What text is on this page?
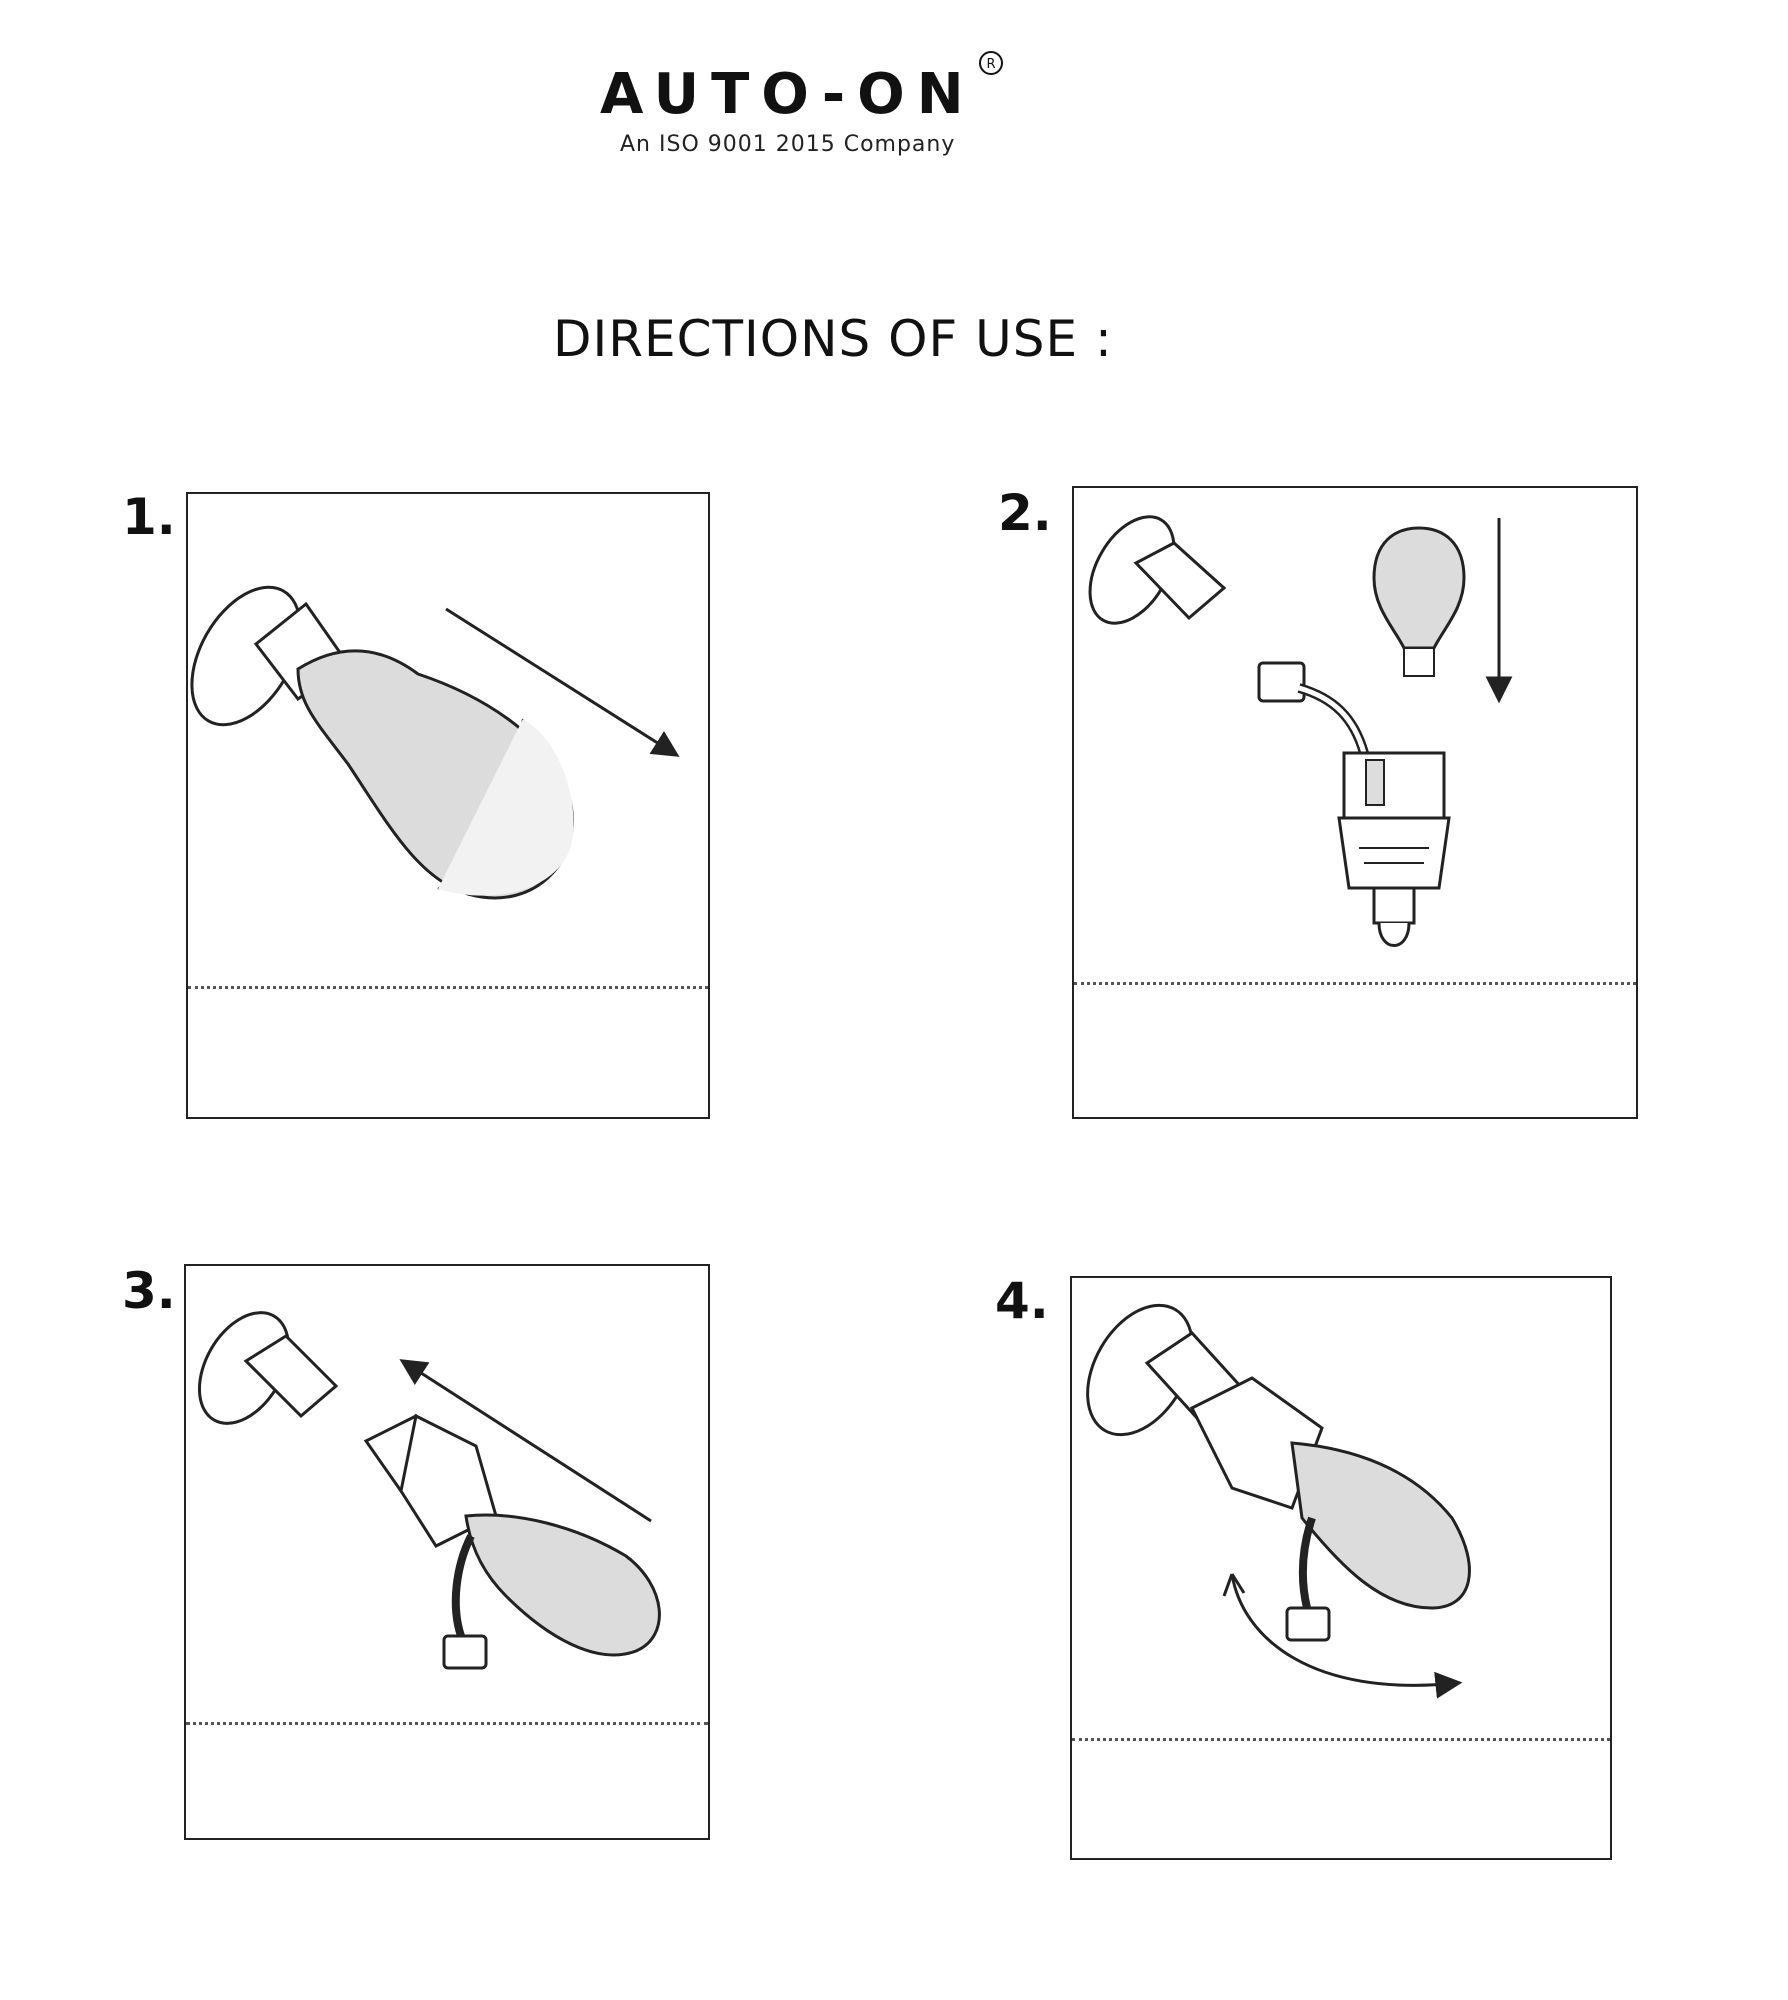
AUTO-ON R
An ISO 9001 2015 Company
DIRECTIONS OF USE :
1.	2.
3.	4.
